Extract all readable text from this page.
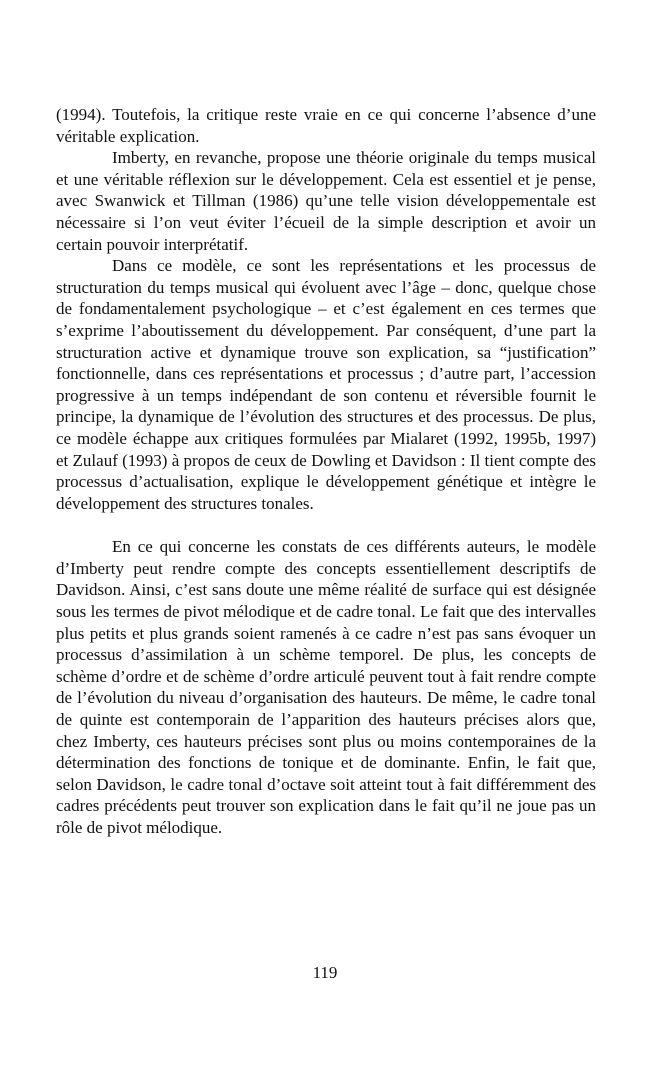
(1994). Toutefois, la critique reste vraie en ce qui concerne l’absence d’une véritable explication.

Imberty, en revanche, propose une théorie originale du temps musical et une véritable réflexion sur le développement. Cela est essentiel et je pense, avec Swanwick et Tillman (1986) qu’une telle vision développementale est nécessaire si l’on veut éviter l’écueil de la simple description et avoir un certain pouvoir interprétatif.

Dans ce modèle, ce sont les représentations et les processus de structuration du temps musical qui évoluent avec l’âge – donc, quelque chose de fondamentalement psychologique – et c’est également en ces termes que s’exprime l’aboutissement du développement. Par conséquent, d’une part la structuration active et dynamique trouve son explication, sa “justification” fonctionnelle, dans ces représentations et processus ; d’autre part, l’accession progressive à un temps indépendant de son contenu et réversible fournit le principe, la dynamique de l’évolution des structures et des processus. De plus, ce modèle échappe aux critiques formulées par Mialaret (1992, 1995b, 1997) et Zulauf (1993) à propos de ceux de Dowling et Davidson : Il tient compte des processus d’actualisation, explique le développement génétique et intègre le développement des structures tonales.

En ce qui concerne les constats de ces différents auteurs, le modèle d’Imberty peut rendre compte des concepts essentiellement descriptifs de Davidson. Ainsi, c’est sans doute une même réalité de surface qui est désignée sous les termes de pivot mélodique et de cadre tonal. Le fait que des intervalles plus petits et plus grands soient ramenés à ce cadre n’est pas sans évoquer un processus d’assimilation à un schème temporel. De plus, les concepts de schème d’ordre et de schème d’ordre articulé peuvent tout à fait rendre compte de l’évolution du niveau d’organisation des hauteurs. De même, le cadre tonal de quinte est contemporain de l’apparition des hauteurs précises alors que, chez Imberty, ces hauteurs précises sont plus ou moins contemporaines de la détermination des fonctions de tonique et de dominante. Enfin, le fait que, selon Davidson, le cadre tonal d’octave soit atteint tout à fait différemment des cadres précédents peut trouver son explication dans le fait qu’il ne joue pas un rôle de pivot mélodique.

119
